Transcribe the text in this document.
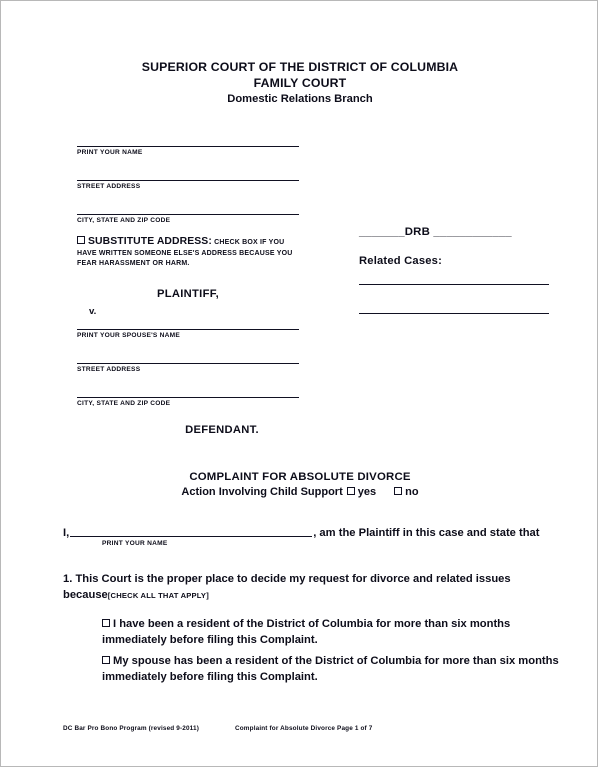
SUPERIOR COURT OF THE DISTRICT OF COLUMBIA
FAMILY COURT
Domestic Relations Branch
PRINT YOUR NAME
STREET ADDRESS
CITY, STATE AND ZIP CODE
SUBSTITUTE ADDRESS: CHECK BOX IF YOU HAVE WRITTEN SOMEONE ELSE'S ADDRESS BECAUSE YOU FEAR HARASSMENT OR HARM.
PLAINTIFF,
v.
PRINT YOUR SPOUSE'S NAME
STREET ADDRESS
CITY, STATE AND ZIP CODE
DEFENDANT.
_______DRB ____________
Related Cases:
COMPLAINT FOR ABSOLUTE DIVORCE
Action Involving Child Support yes	no
I,	, am the Plaintiff in this case and state that
PRINT YOUR NAME
1. This Court is the proper place to decide my request for divorce and related issues because[CHECK ALL THAT APPLY]
I have been a resident of the District of Columbia for more than six months immediately before filing this Complaint.
My spouse has been a resident of the District of Columbia for more than six months immediately before filing this Complaint.
DC Bar Pro Bono Program (revised 9-2011)	Complaint for Absolute Divorce Page 1 of 7
